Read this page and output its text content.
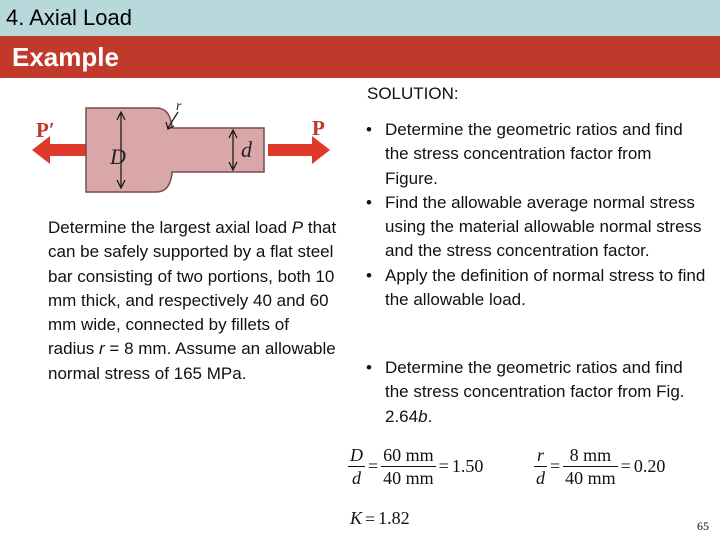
4. Axial Load
Example
P′	P
D	d
r

Determine the largest axial load P that can be safely supported by a flat steel bar consisting of two portions, both 10 mm thick, and respectively 40 and 60 mm wide, connected by fillets of radius r = 8 mm. Assume an allowable normal stress of 165 MPa.

SOLUTION:
• Determine the geometric ratios and find the stress concentration factor from Figure.
• Find the allowable average normal stress using the material allowable normal stress and the stress concentration factor.
• Apply the definition of normal stress to find the allowable load.
• Determine the geometric ratios and find the stress concentration factor from Fig. 2.64b.
$\frac{D}{d} = \frac{60 mm}{40 mm} = 1.50$	$\frac{r}{d} = \frac{8 mm}{40 mm} = 0.20$
K = 1.82	65
